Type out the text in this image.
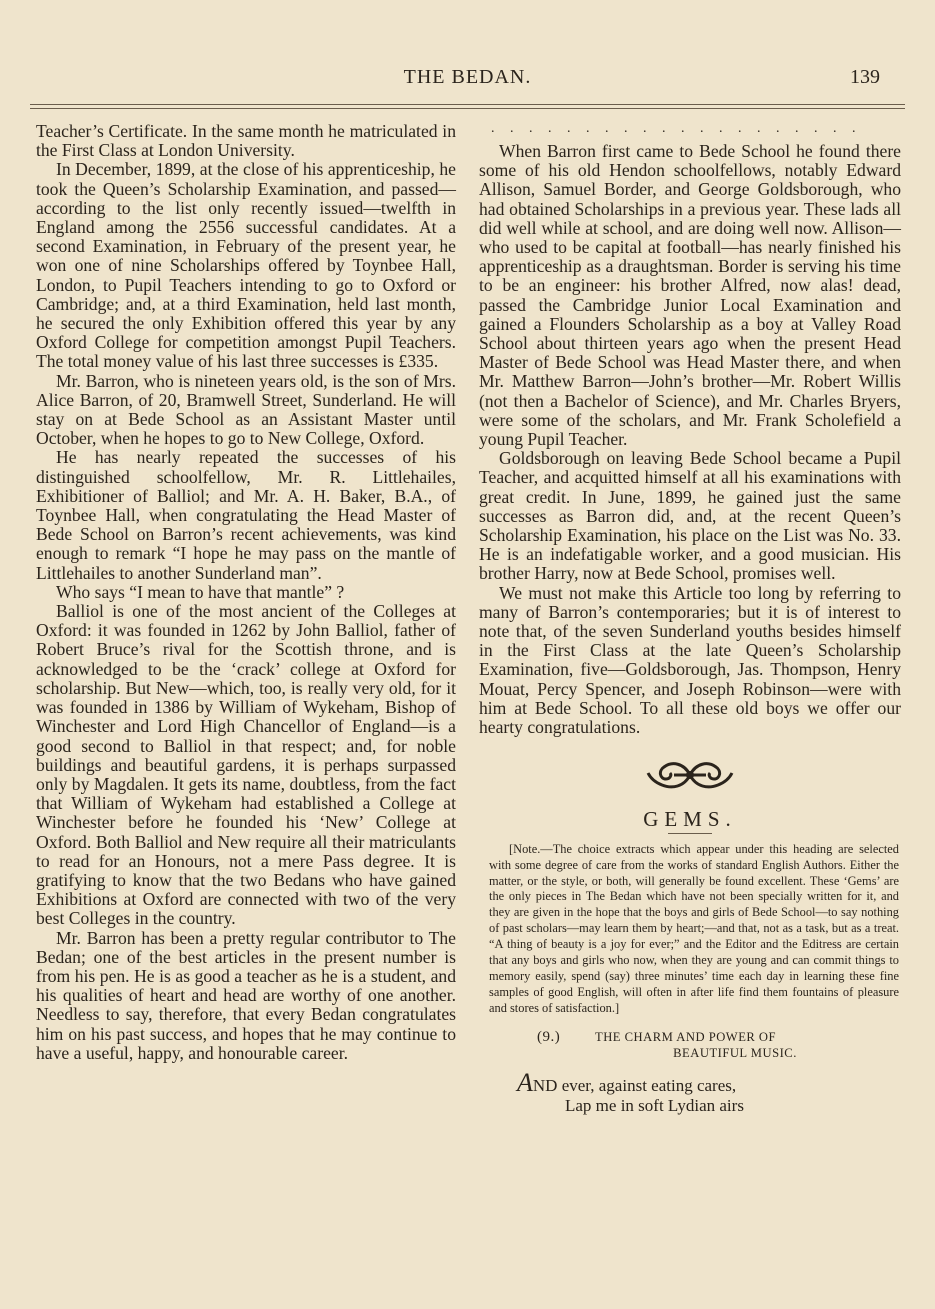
THE BEDAN.	139

Teacher’s Certificate. In the same month he matriculated in the First Class at London University.

In December, 1899, at the close of his apprenticeship, he took the Queen’s Scholarship Examination, and passed—according to the list only recently issued—twelfth in England among the 2556 successful candidates. At a second Examination, in February of the present year, he won one of nine Scholarships offered by Toynbee Hall, London, to Pupil Teachers intending to go to Oxford or Cambridge; and, at a third Examination, held last month, he secured the only Exhibition offered this year by any Oxford College for competition amongst Pupil Teachers. The total money value of his last three successes is £335.

Mr. Barron, who is nineteen years old, is the son of Mrs. Alice Barron, of 20, Bramwell Street, Sunderland. He will stay on at Bede School as an Assistant Master until October, when he hopes to go to New College, Oxford.

He has nearly repeated the successes of his distinguished schoolfellow, Mr. R. Littlehailes, Exhibitioner of Balliol; and Mr. A. H. Baker, B.A., of Toynbee Hall, when congratulating the Head Master of Bede School on Barron’s recent achievements, was kind enough to remark “I hope he may pass on the mantle of Littlehailes to another Sunderland man”.

Who says “I mean to have that mantle” ?

Balliol is one of the most ancient of the Colleges at Oxford: it was founded in 1262 by John Balliol, father of Robert Bruce’s rival for the Scottish throne, and is acknowledged to be the ‘crack’ college at Oxford for scholarship. But New—which, too, is really very old, for it was founded in 1386 by William of Wykeham, Bishop of Winchester and Lord High Chancellor of England—is a good second to Balliol in that respect; and, for noble buildings and beautiful gardens, it is perhaps surpassed only by Magdalen. It gets its name, doubtless, from the fact that William of Wykeham had established a College at Winchester before he founded his ‘New’ College at Oxford. Both Balliol and New require all their matriculants to read for an Honours, not a mere Pass degree. It is gratifying to know that the two Bedans who have gained Exhibitions at Oxford are connected with two of the very best Colleges in the country.

Mr. Barron has been a pretty regular contributor to The Bedan; one of the best articles in the present number is from his pen. He is as good a teacher as he is a student, and his qualities of heart and head are worthy of one another. Needless to say, therefore, that every Bedan congratulates him on his past success, and hopes that he may continue to have a useful, happy, and honourable career.

. . . . . . . . . . . . . . . . . . . .

When Barron first came to Bede School he found there some of his old Hendon schoolfellows, notably Edward Allison, Samuel Border, and George Goldsborough, who had obtained Scholarships in a previous year. These lads all did well while at school, and are doing well now. Allison—who used to be capital at football—has nearly finished his apprenticeship as a draughtsman. Border is serving his time to be an engineer: his brother Alfred, now alas! dead, passed the Cambridge Junior Local Examination and gained a Flounders Scholarship as a boy at Valley Road School about thirteen years ago when the present Head Master of Bede School was Head Master there, and when Mr. Matthew Barron—John’s brother—Mr. Robert Willis (not then a Bachelor of Science), and Mr. Charles Bryers, were some of the scholars, and Mr. Frank Scholefield a young Pupil Teacher.

Goldsborough on leaving Bede School became a Pupil Teacher, and acquitted himself at all his examinations with great credit. In June, 1899, he gained just the same successes as Barron did, and, at the recent Queen’s Scholarship Examination, his place on the List was No. 33. He is an indefatigable worker, and a good musician. His brother Harry, now at Bede School, promises well.

We must not make this Article too long by referring to many of Barron’s contemporaries; but it is of interest to note that, of the seven Sunderland youths besides himself in the First Class at the late Queen’s Scholarship Examination, five—Goldsborough, Jas. Thompson, Henry Mouat, Percy Spencer, and Joseph Robinson—were with him at Bede School. To all these old boys we offer our hearty congratulations.

GEMS.

[Note.—The choice extracts which appear under this heading are selected with some degree of care from the works of standard English Authors. Either the matter, or the style, or both, will generally be found excellent. These ‘Gems’ are the only pieces in The Bedan which have not been specially written for it, and they are given in the hope that the boys and girls of Bede School—to say nothing of past scholars—may learn them by heart;—and that, not as a task, but as a treat. “A thing of beauty is a joy for ever;” and the Editor and the Editress are certain that any boys and girls who now, when they are young and can commit things to memory easily, spend (say) three minutes’ time each day in learning these fine samples of good English, will often in after life find them fountains of pleasure and stores of satisfaction.]

(9.)	THE CHARM AND POWER OF
BEAUTIFUL MUSIC.
AND ever, against eating cares,
Lap me in soft Lydian airs
